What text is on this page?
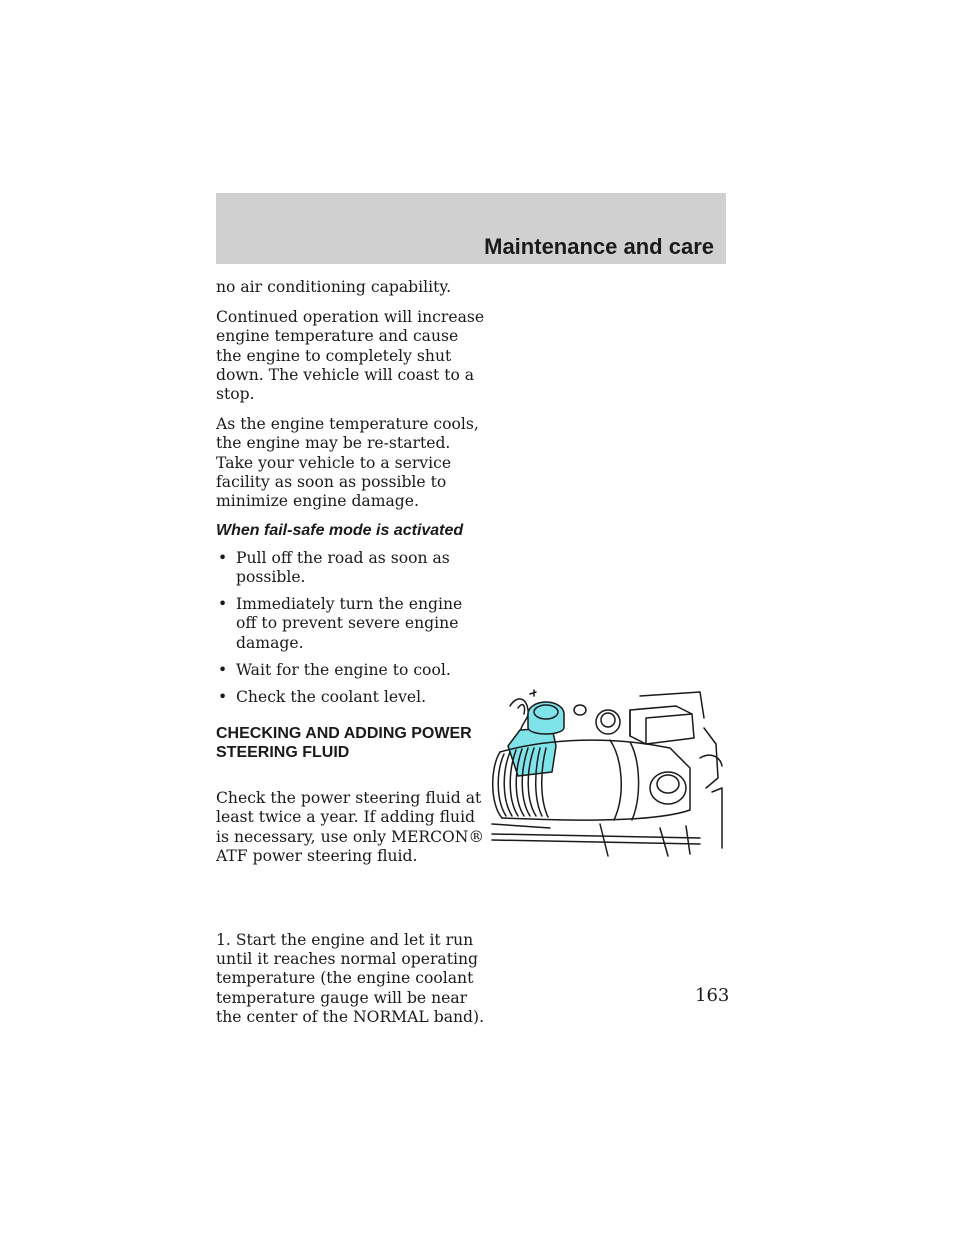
Maintenance and care

no air conditioning capability.

Continued operation will increase engine temperature and cause the engine to completely shut down. The vehicle will coast to a stop.

As the engine temperature cools, the engine may be re-started. Take your vehicle to a service facility as soon as possible to minimize engine damage.

When fail-safe mode is activated
• Pull off the road as soon as possible.
• Immediately turn the engine off to prevent severe engine damage.
• Wait for the engine to cool.
• Check the coolant level.
CHECKING AND ADDING POWER STEERING FLUID

Check the power steering fluid at least twice a year. If adding fluid is necessary, use only MERCON® ATF power steering fluid.

1. Start the engine and let it run until it reaches normal operating temperature (the engine coolant temperature gauge will be near the center of the NORMAL band).

163
